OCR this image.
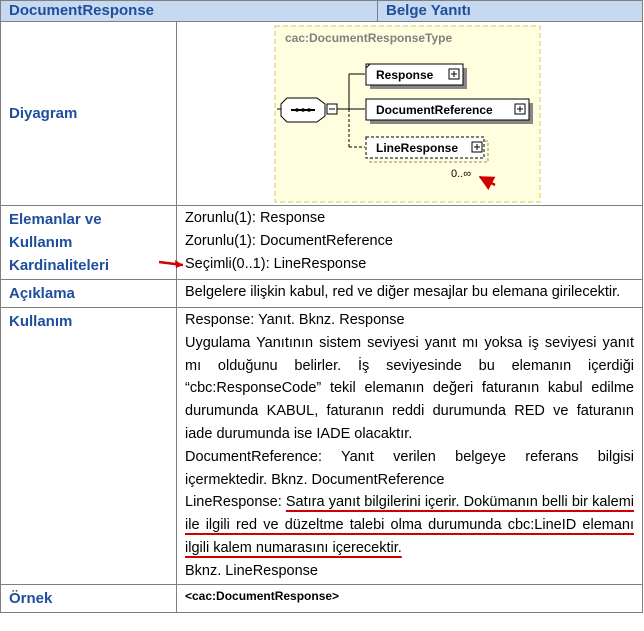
DocumentResponse		Belge Yanıtı

Diyagram	cac:DocumentResponseType
Response
DocumentReference
LineResponse
0..∞	

Elemanlar ve
Kullanım
Kardinaliteleri	Zorunlu(1): Response
Zorunlu(1): DocumentReference
Seçimli(0..1): LineResponse	

Açıklama	Belgelere ilişkin kabul, red ve diğer mesajlar bu elemana girilecektir.	

Kullanım	Response: Yanıt. Bknz. Response
Uygulama Yanıtının sistem seviyesi yanıt mı yoksa iş seviyesi yanıt mı olduğunu belirler. İş seviyesinde bu elemanın içerdiği “cbc:ResponseCode” tekil elemanın değeri faturanın kabul edilme durumunda KABUL, faturanın reddi durumunda RED ve faturanın iade durumunda ise IADE olacaktır.
DocumentReference: Yanıt verilen belgeye referans bilgisi içermektedir. Bknz. DocumentReference
LineResponse: Satıra yanıt bilgilerini içerir. Dokümanın belli bir kalemi ile ilgili red ve düzeltme talebi olma durumunda cbc:LineID elemanı ilgili kalem numarasını içerecektir.
Bknz. LineResponse	

Örnek	<cac:DocumentResponse>	
